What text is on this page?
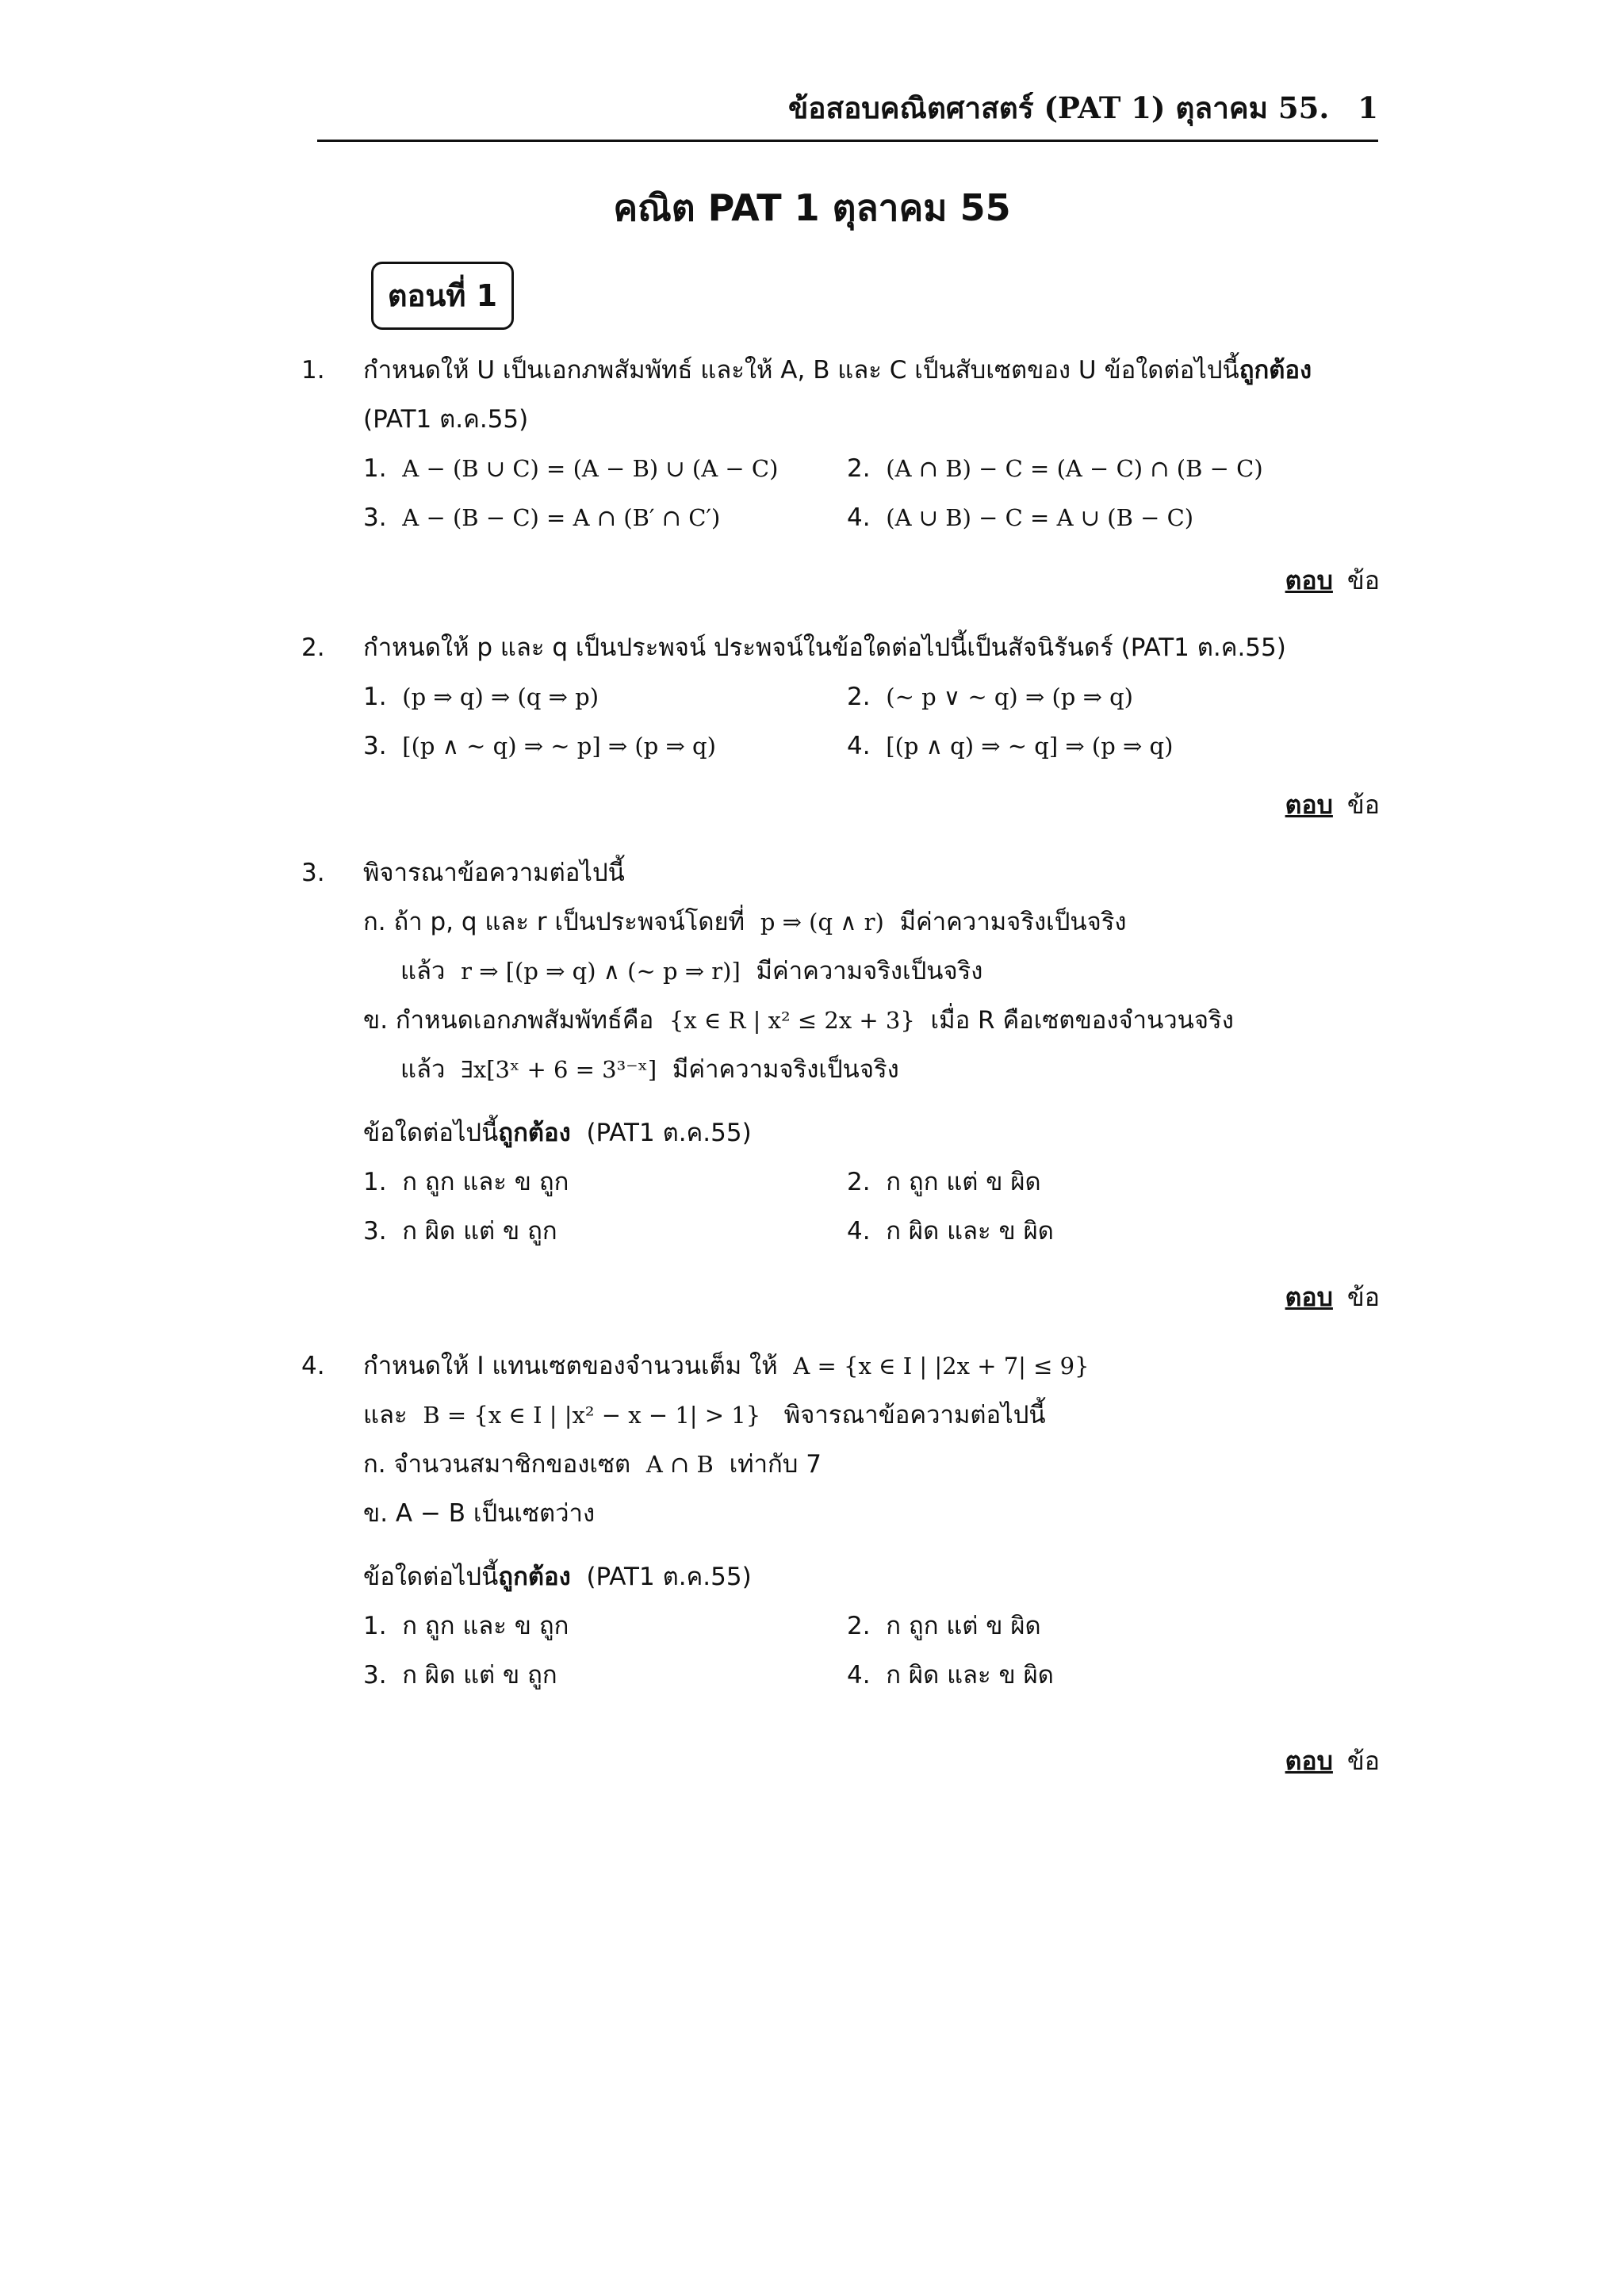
ข้อสอบคณิตศาสตร์ (PAT 1) ตุลาคม 55. 1
คณิต PAT 1 ตุลาคม 55
ตอนที่ 1
1. กำหนดให้ U เป็นเอกภพสัมพัทธ์ และให้ A, B และ C เป็นสับเซตของ U ข้อใดต่อไปนี้ถูกต้อง
(PAT1 ต.ค.55)
1. A − (B ∪ C) = (A − B) ∪ (A − C)	2. (A ∩ B) − C = (A − C) ∩ (B − C)
3. A − (B − C) = A ∩ (B′ ∩ C′)	4. (A ∪ B) − C = A ∪ (B − C)
ตอบ ข้อ
2. กำหนดให้ p และ q เป็นประพจน์ ประพจน์ในข้อใดต่อไปนี้เป็นสัจนิรันดร์ (PAT1 ต.ค.55)
1. (p ⇒ q) ⇒ (q ⇒ p)	2. (~ p ∨ ~ q) ⇒ (p ⇒ q)
3. [(p ∧ ~ q) ⇒ ~ p] ⇒ (p ⇒ q)	4. [(p ∧ q) ⇒ ~ q] ⇒ (p ⇒ q)
ตอบ ข้อ
3. พิจารณาข้อความต่อไปนี้
ก. ถ้า p, q และ r เป็นประพจน์โดยที่ p ⇒ (q ∧ r) มีค่าความจริงเป็นจริง
แล้ว r ⇒ [(p ⇒ q) ∧ (~ p ⇒ r)] มีค่าความจริงเป็นจริง
ข. กำหนดเอกภพสัมพัทธ์คือ {x ∈ R | x² ≤ 2x + 3} เมื่อ R คือเซตของจำนวนจริง
แล้ว ∃x[3ˣ + 6 = 3³⁻ˣ] มีค่าความจริงเป็นจริง
ข้อใดต่อไปนี้ถูกต้อง (PAT1 ต.ค.55)
1. ก ถูก และ ข ถูก	2. ก ถูก แต่ ข ผิด
3. ก ผิด แต่ ข ถูก	4. ก ผิด และ ข ผิด
ตอบ ข้อ
4. กำหนดให้ I แทนเซตของจำนวนเต็ม ให้ A = {x ∈ I | |2x + 7| ≤ 9}
และ B = {x ∈ I | |x² − x − 1| > 1} พิจารณาข้อความต่อไปนี้
ก. จำนวนสมาชิกของเซต A ∩ B เท่ากับ 7
ข. A − B เป็นเซตว่าง
ข้อใดต่อไปนี้ถูกต้อง (PAT1 ต.ค.55)
1. ก ถูก และ ข ถูก	2. ก ถูก แต่ ข ผิด
3. ก ผิด แต่ ข ถูก	4. ก ผิด และ ข ผิด
ตอบ ข้อ
